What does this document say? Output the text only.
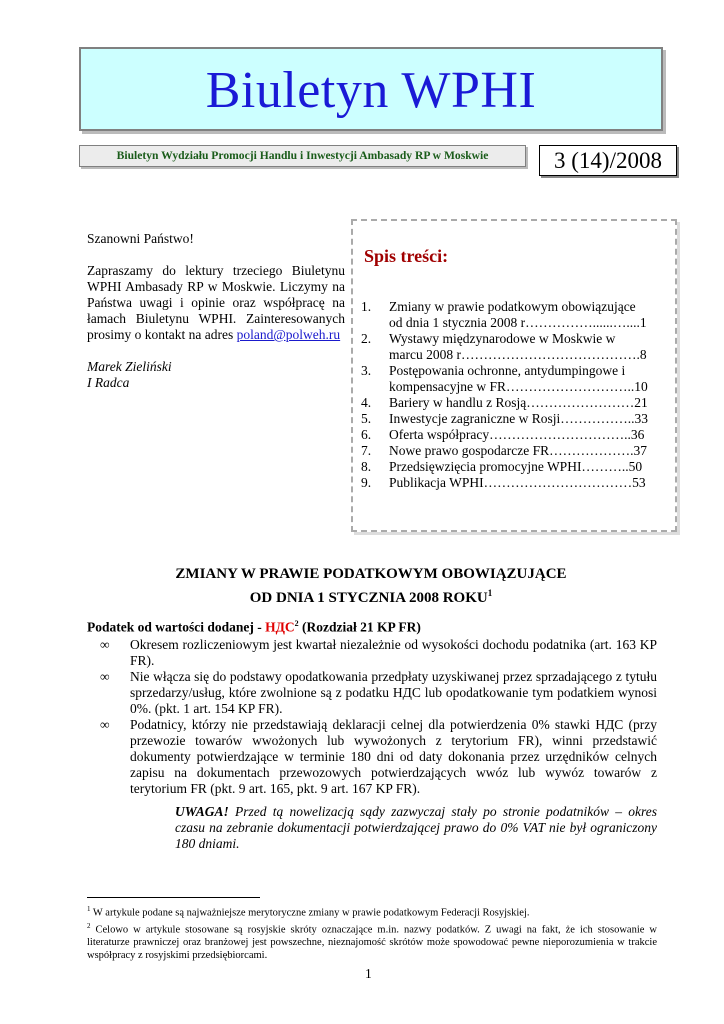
Biuletyn WPHI
Biuletyn Wydziału Promocji Handlu i Inwestycji Ambasady RP w Moskwie	3 (14)/2008

Szanowni Państwo!

Zapraszamy do lektury trzeciego Biuletynu WPHI Ambasady RP w Moskwie. Liczymy na Państwa uwagi i opinie oraz współpracę na łamach Biuletynu WPHI. Zainteresowanych prosimy o kontakt na adres poland@polweh.ru

Marek Zieliński

I Radca

Spis treści:
1.	Zmiany w prawie podatkowym obowiązujące
od dnia 1 stycznia 2008 r……………......…....1
2.	Wystawy międzynarodowe w Moskwie w
marcu 2008 r………………………………….8
3.	Postępowania ochronne, antydumpingowe i
kompensacyjne w FR………………………..10
4.	Bariery w handlu z Rosją……………………21
5.	Inwestycje zagraniczne w Rosji……………..33
6.	Oferta współpracy…………………………..36
7.	Nowe prawo gospodarcze FR……………….37
8.	Przedsięwzięcia promocyjne WPHI………..50
9.	Publikacja WPHI……………………………53
ZMIANY W PRAWIE PODATKOWYM OBOWIĄZUJĄCE
OD DNIA 1 STYCZNIA 2008 ROKU$^1$
Podatek od wartości dodanej - НДС$^2$ (Rozdział 21 KP FR)
∞	Okresem rozliczeniowym jest kwartał niezależnie od wysokości dochodu podatnika (art. 163 KP FR).
∞	Nie włącza się do podstawy opodatkowania przedpłaty uzyskiwanej przez sprzadającego z tytułu sprzedarzy/usług, które zwolnione są z podatku НДС lub opodatkowanie tym podatkiem wynosi 0%. (pkt. 1 art. 154 KP FR).
∞	Podatnicy, którzy nie przedstawiają deklaracji celnej dla potwierdzenia 0% stawki НДС (przy przewozie towarów wwożonych lub wywożonych z terytorium FR), winni przedstawić dokumenty potwierdzające w terminie 180 dni od daty dokonania przez urzędników celnych zapisu na dokumentach przewozowych potwierdzających wwóz lub wywóz towarów z terytorium FR (pkt. 9 art. 165, pkt. 9 art. 167 KP FR).
UWAGA! Przed tą nowelizacją sądy zazwyczaj stały po stronie podatników – okres czasu na zebranie dokumentacji potwierdzającej prawo do 0% VAT nie był ograniczony 180 dniami.
$^1$ W artykule podane są najważniejsze merytoryczne zmiany w prawie podatkowym Federacji Rosyjskiej.
$^2$ Celowo w artykule stosowane są rosyjskie skróty oznaczające m.in. nazwy podatków. Z uwagi na fakt, że ich stosowanie w literaturze prawniczej oraz branżowej jest powszechne, nieznajomość skrótów może spowodować pewne nieporozumienia w trakcie współpracy z rosyjskimi przedsiębiorcami.
1
